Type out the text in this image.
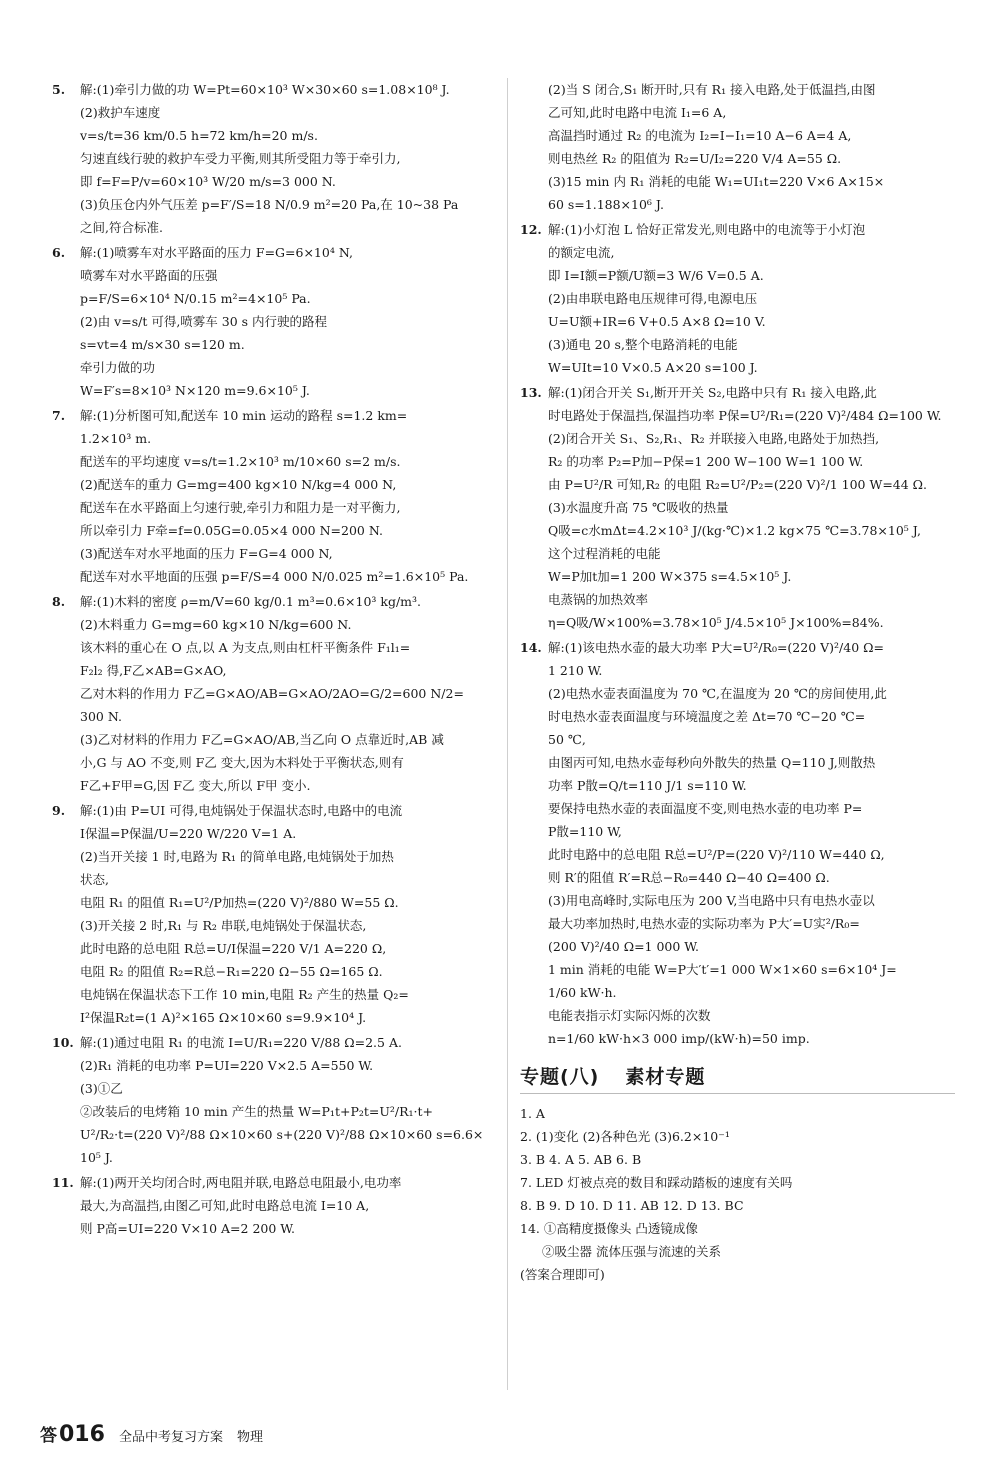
5. 解:(1)牵引力做的功 W=Pt=60×10³ W×30×60 s=1.08×10⁸ J.
(2)救护车速度
v=s/t=36 km/0.5 h=72 km/h=20 m/s.
匀速直线行驶的救护车受力平衡,则其所受阻力等于牵引力,
即 f=F=P/v=60×10³ W/20 m/s=3 000 N.
(3)负压仓内外气压差 p=F′/S=18 N/0.9 m²=20 Pa,在 10~38 Pa
之间,符合标准.
6. 解:(1)喷雾车对水平路面的压力 F=G=6×10⁴ N,
喷雾车对水平路面的压强
p=F/S=6×10⁴ N/0.15 m²=4×10⁵ Pa.
(2)由 v=s/t 可得,喷雾车 30 s 内行驶的路程
s=vt=4 m/s×30 s=120 m.
牵引力做的功
W=F′s=8×10³ N×120 m=9.6×10⁵ J.
7. 解:(1)分析图可知,配送车 10 min 运动的路程 s=1.2 km=
1.2×10³ m.
配送车的平均速度 v=s/t=1.2×10³ m/10×60 s=2 m/s.
(2)配送车的重力 G=mg=400 kg×10 N/kg=4 000 N,
配送车在水平路面上匀速行驶,牵引力和阻力是一对平衡力,
所以牵引力 F牵=f=0.05G=0.05×4 000 N=200 N.
(3)配送车对水平地面的压力 F=G=4 000 N,
配送车对水平地面的压强 p=F/S=4 000 N/0.025 m²=1.6×10⁵ Pa.
8. 解:(1)木料的密度 ρ=m/V=60 kg/0.1 m³=0.6×10³ kg/m³.
(2)木料重力 G=mg=60 kg×10 N/kg=600 N.
该木料的重心在 O 点,以 A 为支点,则由杠杆平衡条件 F₁l₁=
F₂l₂ 得,F乙×AB=G×AO,
乙对木料的作用力 F乙=G×AO/AB=G×AO/2AO=G/2=600 N/2=
300 N.
(3)乙对材料的作用力 F乙=G×AO/AB,当乙向 O 点靠近时,AB 减
小,G 与 AO 不变,则 F乙 变大,因为木料处于平衡状态,则有
F乙+F甲=G,因 F乙 变大,所以 F甲 变小.
9. 解:(1)由 P=UI 可得,电炖锅处于保温状态时,电路中的电流
I保温=P保温/U=220 W/220 V=1 A.
(2)当开关接 1 时,电路为 R₁ 的简单电路,电炖锅处于加热
状态,
电阻 R₁ 的阻值 R₁=U²/P加热=(220 V)²/880 W=55 Ω.
(3)开关接 2 时,R₁ 与 R₂ 串联,电炖锅处于保温状态,
此时电路的总电阻 R总=U/I保温=220 V/1 A=220 Ω,
电阻 R₂ 的阻值 R₂=R总−R₁=220 Ω−55 Ω=165 Ω.
电炖锅在保温状态下工作 10 min,电阻 R₂ 产生的热量 Q₂=
I²保温R₂t=(1 A)²×165 Ω×10×60 s=9.9×10⁴ J.
10. 解:(1)通过电阻 R₁ 的电流 I=U/R₁=220 V/88 Ω=2.5 A.
(2)R₁ 消耗的电功率 P=UI=220 V×2.5 A=550 W.
(3)①乙
②改装后的电烤箱 10 min 产生的热量 W=P₁t+P₂t=U²/R₁·t+
U²/R₂·t=(220 V)²/88 Ω×10×60 s+(220 V)²/88 Ω×10×60 s=6.6×
10⁵ J.
11. 解:(1)两开关均闭合时,两电阻并联,电路总电阻最小,电功率
最大,为高温挡,由图乙可知,此时电路总电流 I=10 A,
则 P高=UI=220 V×10 A=2 200 W.
(2)当 S 闭合,S₁ 断开时,只有 R₁ 接入电路,处于低温挡,由图
乙可知,此时电路中电流 I₁=6 A,
高温挡时通过 R₂ 的电流为 I₂=I−I₁=10 A−6 A=4 A,
则电热丝 R₂ 的阻值为 R₂=U/I₂=220 V/4 A=55 Ω.
(3)15 min 内 R₁ 消耗的电能 W₁=UI₁t=220 V×6 A×15×
60 s=1.188×10⁶ J.
12. 解:(1)小灯泡 L 恰好正常发光,则电路中的电流等于小灯泡
的额定电流,
即 I=I额=P额/U额=3 W/6 V=0.5 A.
(2)由串联电路电压规律可得,电源电压
U=U额+IR=6 V+0.5 A×8 Ω=10 V.
(3)通电 20 s,整个电路消耗的电能
W=UIt=10 V×0.5 A×20 s=100 J.
13. 解:(1)闭合开关 S₁,断开开关 S₂,电路中只有 R₁ 接入电路,此
时电路处于保温挡,保温挡功率 P保=U²/R₁=(220 V)²/484 Ω=100 W.
(2)闭合开关 S₁、S₂,R₁、R₂ 并联接入电路,电路处于加热挡,
R₂ 的功率 P₂=P加−P保=1 200 W−100 W=1 100 W.
由 P=U²/R 可知,R₂ 的电阻 R₂=U²/P₂=(220 V)²/1 100 W=44 Ω.
(3)水温度升高 75 ℃吸收的热量
Q吸=c水mΔt=4.2×10³ J/(kg·℃)×1.2 kg×75 ℃=3.78×10⁵ J,
这个过程消耗的电能
W=P加t加=1 200 W×375 s=4.5×10⁵ J.
电蒸锅的加热效率
η=Q吸/W×100%=3.78×10⁵ J/4.5×10⁵ J×100%=84%.
14. 解:(1)该电热水壶的最大功率 P大=U²/R₀=(220 V)²/40 Ω=
1 210 W.
(2)电热水壶表面温度为 70 ℃,在温度为 20 ℃的房间使用,此
时电热水壶表面温度与环境温度之差 Δt=70 ℃−20 ℃=
50 ℃,
由图丙可知,电热水壶每秒向外散失的热量 Q=110 J,则散热
功率 P散=Q/t=110 J/1 s=110 W.
要保持电热水壶的表面温度不变,则电热水壶的电功率 P=
P散=110 W,
此时电路中的总电阻 R总=U²/P=(220 V)²/110 W=440 Ω,
则 R′的阻值 R′=R总−R₀=440 Ω−40 Ω=400 Ω.
(3)用电高峰时,实际电压为 200 V,当电路中只有电热水壶以
最大功率加热时,电热水壶的实际功率为 P大′=U实²/R₀=
(200 V)²/40 Ω=1 000 W.
1 min 消耗的电能 W=P大′t′=1 000 W×1×60 s=6×10⁴ J=
1/60 kW·h.
电能表指示灯实际闪烁的次数
n=1/60 kW·h×3 000 imp/(kW·h)=50 imp.
专题(八) 素材专题
1. A
2. (1)变化 (2)各种色光 (3)6.2×10⁻¹
3. B 4. A 5. AB 6. B
7. LED 灯被点亮的数目和踩动踏板的速度有关吗
8. B 9. D 10. D 11. AB 12. D 13. BC
14. ①高精度摄像头 凸透镜成像
②吸尘器 流体压强与流速的关系
(答案合理即可)
答 016 全品中考复习方案 物理
